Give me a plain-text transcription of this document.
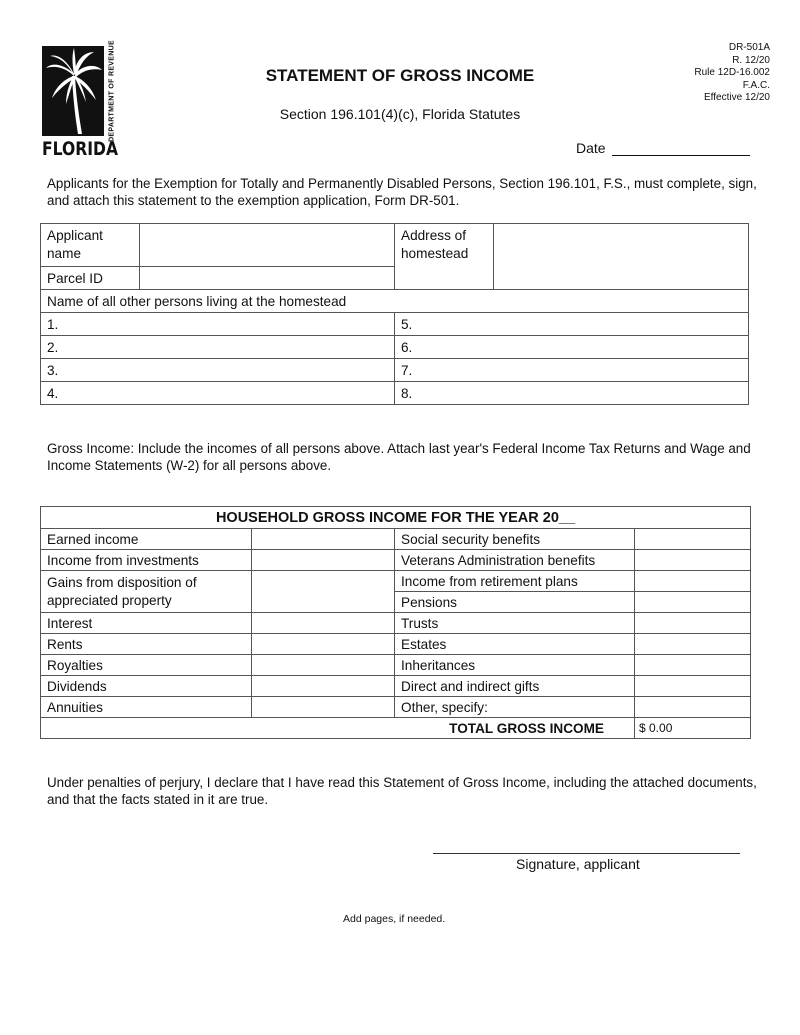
DEPARTMENT OF REVENUE
FLORIDA
STATEMENT OF GROSS INCOME
Section 196.101(4)(c), Florida Statutes
DR-501A
R. 12/20
Rule 12D-16.002
F.A.C.
Effective 12/20
Date
Applicants for the Exemption for Totally and Permanently Disabled Persons, Section 196.101, F.S., must complete, sign, and attach this statement to the exemption application, Form DR-501.
Applicant name		Address of homestead	
Parcel ID			
Name of all other persons living at the homestead			
1.		5.	
2.		6.	
3.		7.	
4.		8.	
Gross Income: Include the incomes of all persons above. Attach last year's Federal Income Tax Returns and Wage and Income Statements (W-2) for all persons above.
HOUSEHOLD GROSS INCOME FOR THE YEAR 20__			
Earned income		Social security benefits	
Income from investments		Veterans Administration benefits	
Gains from disposition of appreciated property		Income from retirement plans	
		Pensions	
Interest		Trusts	
Rents		Estates	
Royalties		Inheritances	
Dividends		Direct and indirect gifts	
Annuities		Other, specify:	
TOTAL GROSS INCOME			$ 0.00
Under penalties of perjury, I declare that I have read this Statement of Gross Income, including the attached documents, and that the facts stated in it are true.
Signature, applicant
Add pages, if needed.
